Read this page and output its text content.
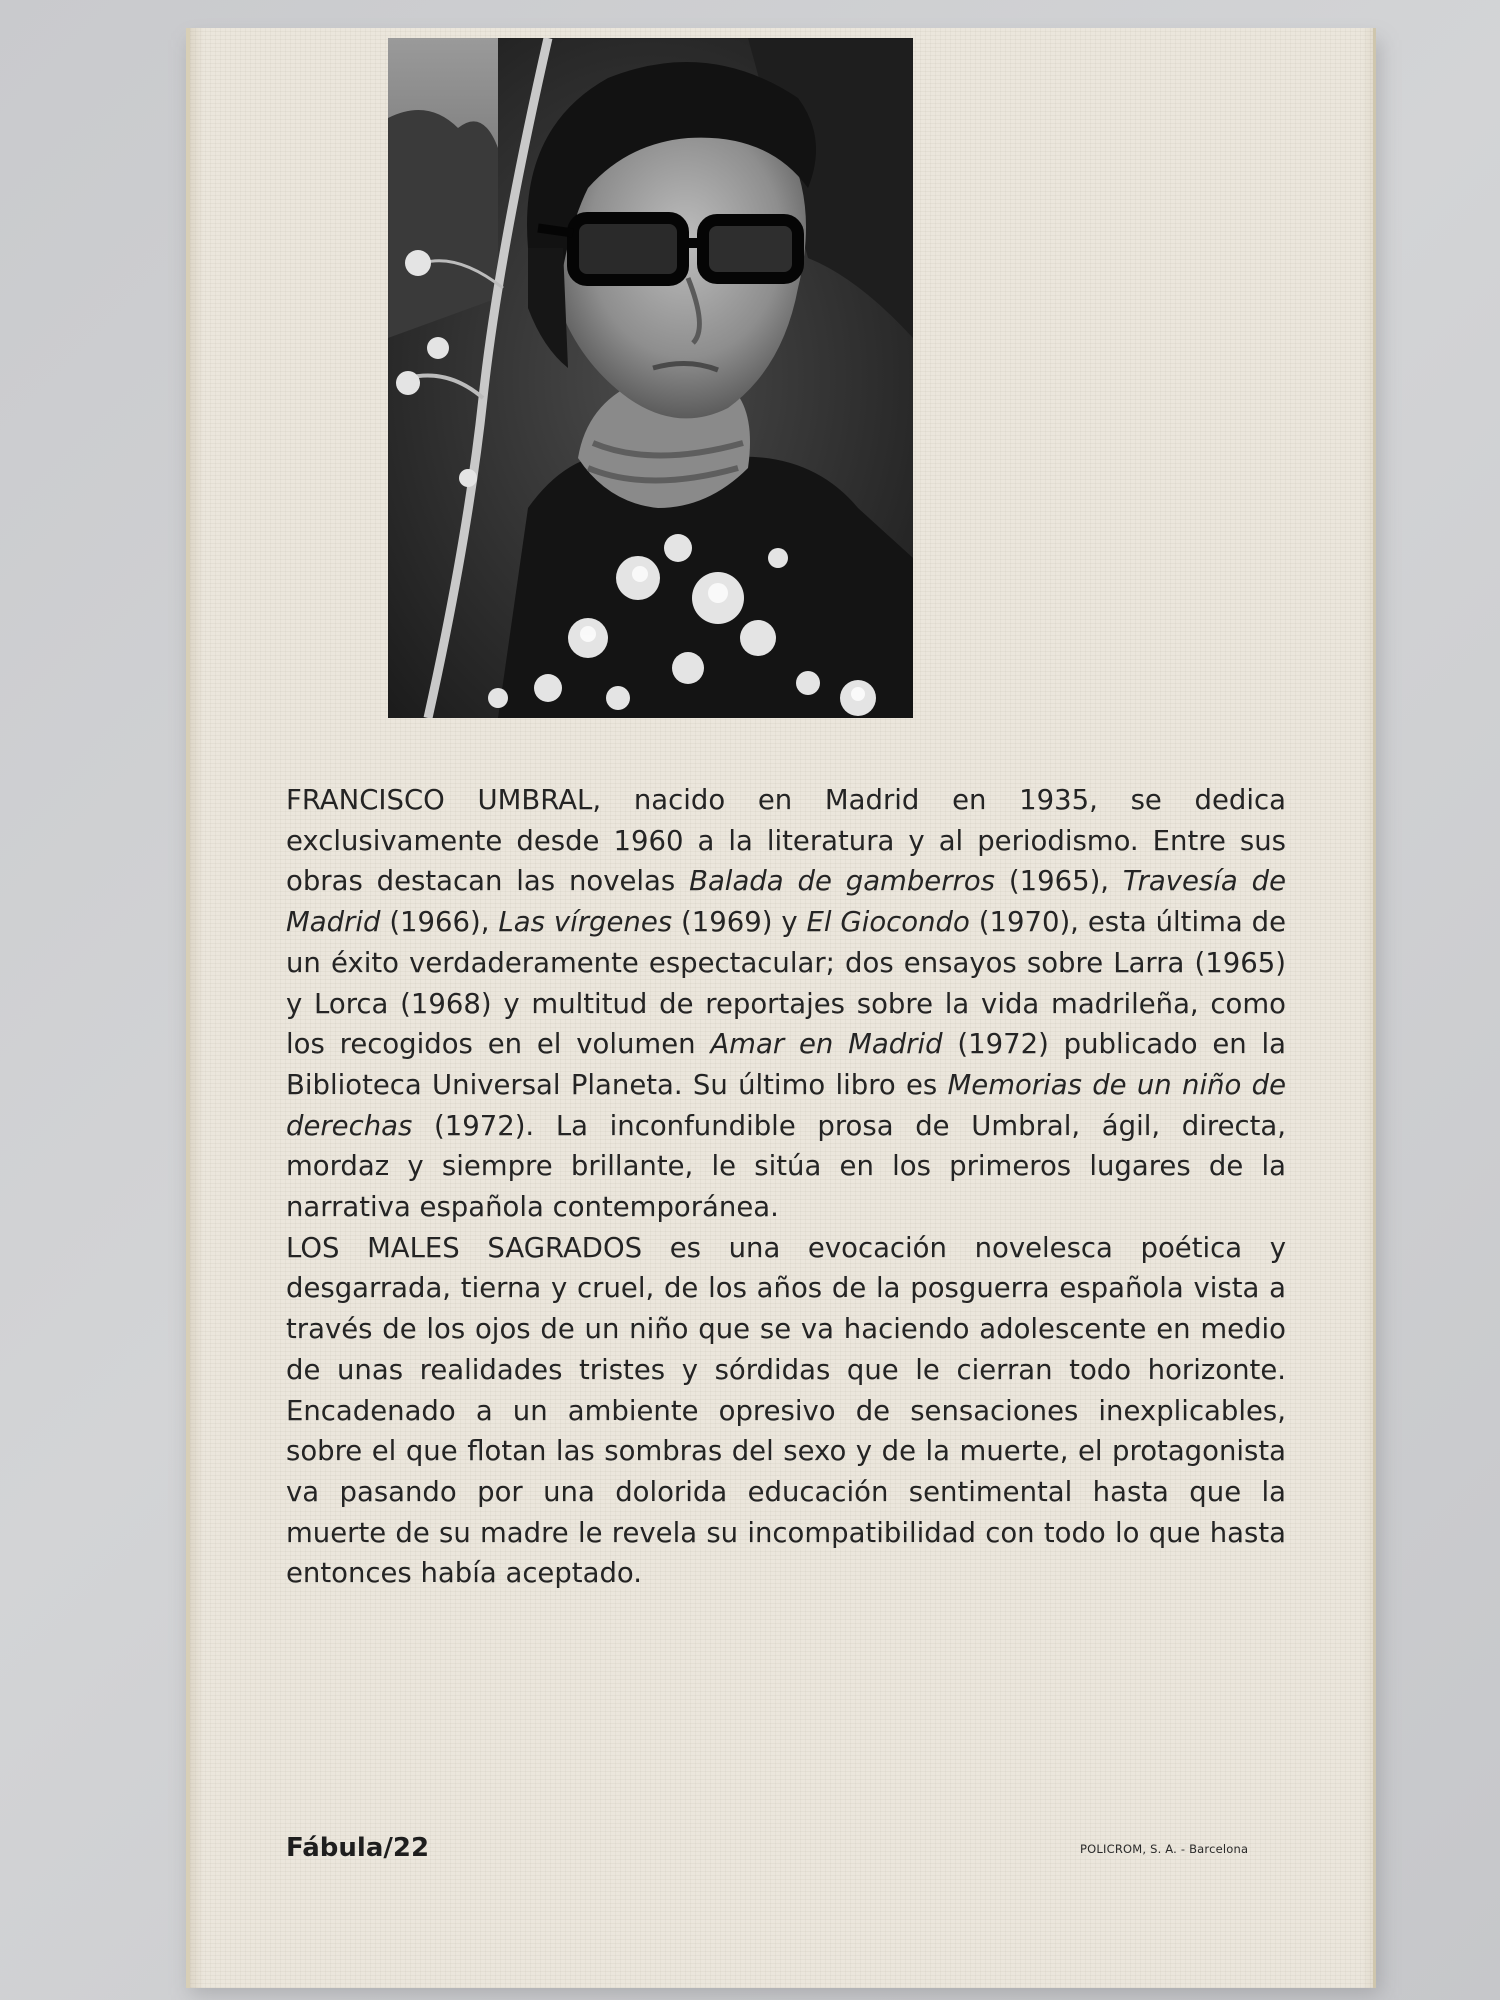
FRANCISCO UMBRAL, nacido en Madrid en 1935, se dedica exclusivamente desde 1960 a la literatura y al periodismo. Entre sus obras destacan las novelas Balada de gamberros (1965), Travesía de Madrid (1966), Las vírgenes (1969) y El Giocondo (1970), esta última de un éxito verdaderamente espectacular; dos ensayos sobre Larra (1965) y Lorca (1968) y multitud de reportajes sobre la vida madrileña, como los recogidos en el volumen Amar en Madrid (1972) publicado en la Biblioteca Universal Planeta. Su último libro es Memorias de un niño de derechas (1972). La inconfundible prosa de Umbral, ágil, directa, mordaz y siempre brillante, le sitúa en los primeros lugares de la narrativa española contemporánea.

LOS MALES SAGRADOS es una evocación novelesca poética y desgarrada, tierna y cruel, de los años de la posguerra española vista a través de los ojos de un niño que se va haciendo adolescente en medio de unas realidades tristes y sórdidas que le cierran todo horizonte. Encadenado a un ambiente opresivo de sensaciones inexplicables, sobre el que flotan las sombras del sexo y de la muerte, el protagonista va pasando por una dolorida educación sentimental hasta que la muerte de su madre le revela su incompatibilidad con todo lo que hasta entonces había aceptado.

Fábula/22	POLICROM, S. A. - Barcelona
